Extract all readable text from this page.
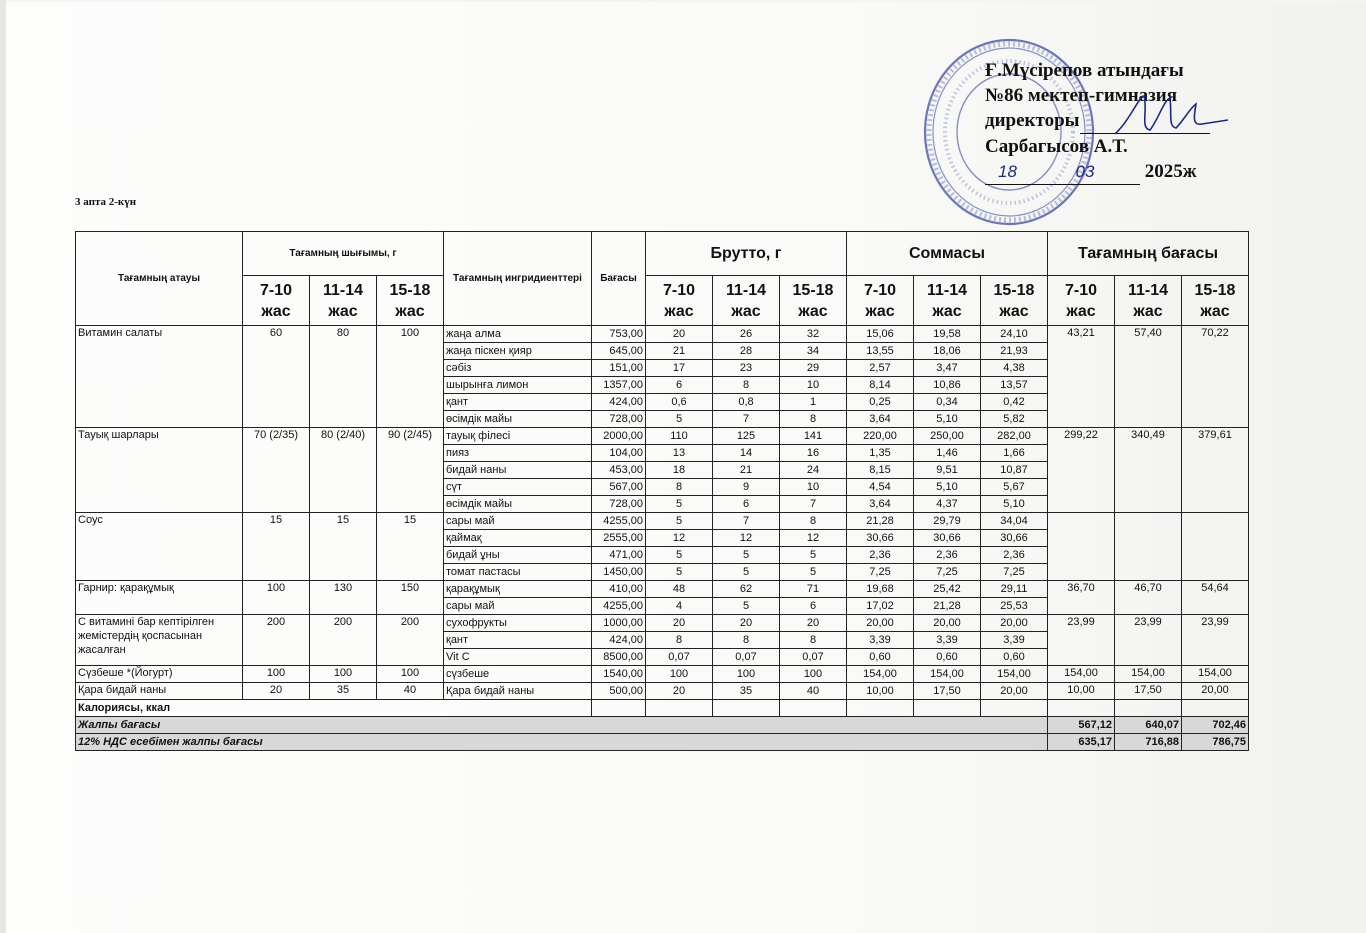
Ғ.Мүсірепов атындағы
№86 мектеп-гимназия
директоры
Сарбагысов А.Т.
18	03	2025ж
3 апта 2-күн
Тағамның атауы	Тағамның шығымы, г			Тағамның ингридиенттері	Бағасы	Брутто, г			Соммасы			Тағамның бағасы		
	7-10 жас	11-14 жас	15-18 жас			7-10 жас	11-14 жас	15-18 жас	7-10 жас	11-14 жас	15-18 жас	7-10 жас	11-14 жас	15-18 жас
Витамин салаты	60	80	100	жаңа алма	753,00	20	26	32	15,06	19,58	24,10	43,21	57,40	70,22
				жаңа піскен қияр	645,00	21	28	34	13,55	18,06	21,93			
				сәбіз	151,00	17	23	29	2,57	3,47	4,38			
				шырынға лимон	1357,00	6	8	10	8,14	10,86	13,57			
				қант	424,00	0,6	0,8	1	0,25	0,34	0,42			
				өсімдік майы	728,00	5	7	8	3,64	5,10	5,82			
Тауық шарлары	70 (2/35)	80 (2/40)	90 (2/45)	тауық філесі	2000,00	110	125	141	220,00	250,00	282,00	299,22	340,49	379,61
				пияз	104,00	13	14	16	1,35	1,46	1,66			
				бидай наны	453,00	18	21	24	8,15	9,51	10,87			
				сүт	567,00	8	9	10	4,54	5,10	5,67			
				өсімдік майы	728,00	5	6	7	3,64	4,37	5,10			
Соус	15	15	15	сары май	4255,00	5	7	8	21,28	29,79	34,04			
				қаймақ	2555,00	12	12	12	30,66	30,66	30,66			
				бидай ұны	471,00	5	5	5	2,36	2,36	2,36			
				томат пастасы	1450,00	5	5	5	7,25	7,25	7,25			
Гарнир: қарақұмық	100	130	150	қарақұмық	410,00	48	62	71	19,68	25,42	29,11	36,70	46,70	54,64
				сары май	4255,00	4	5	6	17,02	21,28	25,53			
С витамині бар кептірілген жемістердің қоспасынан жасалған	200	200	200	сухофрукты	1000,00	20	20	20	20,00	20,00	20,00	23,99	23,99	23,99
				қант	424,00	8	8	8	3,39	3,39	3,39			
				Vit C	8500,00	0,07	0,07	0,07	0,60	0,60	0,60			
Сүзбеше *(Йогурт)	100	100	100	сүзбеше	1540,00	100	100	100	154,00	154,00	154,00	154,00	154,00	154,00
Қара бидай наны	20	35	40	Қара бидай наны	500,00	20	35	40	10,00	17,50	20,00	10,00	17,50	20,00
Калориясы, ккал														
Жалпы бағасы												567,12	640,07	702,46
12% НДС есебімен жалпы бағасы												635,17	716,88	786,75
